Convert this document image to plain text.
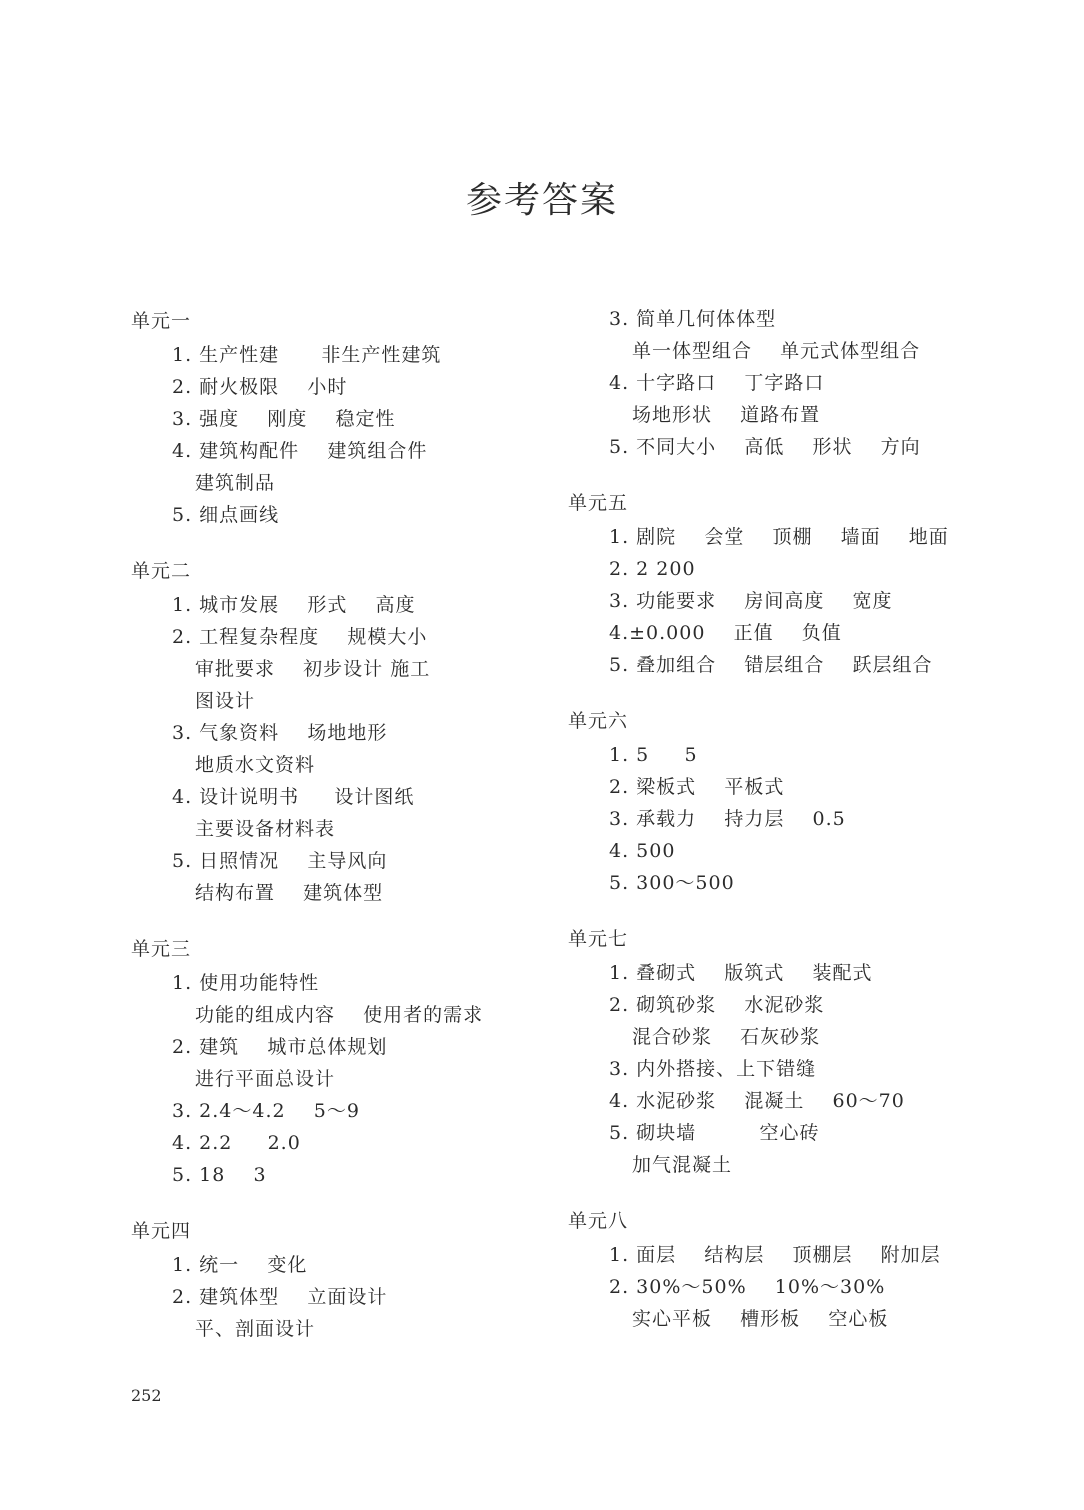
参考答案
单元一
1. 生产性建      非生产性建筑
2. 耐火极限    小时
3. 强度    刚度    稳定性
4. 建筑构配件    建筑组合件
建筑制品
5. 细点画线
单元二
1. 城市发展    形式    高度
2. 工程复杂程度    规模大小
审批要求    初步设计 施工
图设计
3. 气象资料    场地地形
地质水文资料
4. 设计说明书     设计图纸
主要设备材料表
5. 日照情况    主导风向
结构布置    建筑体型
单元三
1. 使用功能特性
功能的组成内容    使用者的需求
2. 建筑    城市总体规划
进行平面总设计
3. 2.4～4.2    5～9
4. 2.2     2.0
5. 18    3
单元四
1. 统一    变化
2. 建筑体型    立面设计
平、剖面设计
3. 简单几何体体型
单一体型组合    单元式体型组合
4. 十字路口    丁字路口
场地形状    道路布置
5. 不同大小    高低    形状    方向
单元五
1. 剧院    会堂    顶棚    墙面    地面
2. 2 200
3. 功能要求    房间高度    宽度
4.±0.000    正值    负值
5. 叠加组合    错层组合    跃层组合
单元六
1. 5     5
2. 梁板式    平板式
3. 承载力    持力层    0.5
4. 500
5. 300～500
单元七
1. 叠砌式    版筑式    装配式
2. 砌筑砂浆    水泥砂浆
混合砂浆    石灰砂浆
3. 内外搭接、上下错缝
4. 水泥砂浆    混凝土    60～70
5. 砌块墙         空心砖
加气混凝土
单元八
1. 面层    结构层    顶棚层    附加层
2. 30%～50%    10%～30%
实心平板    槽形板    空心板
252
